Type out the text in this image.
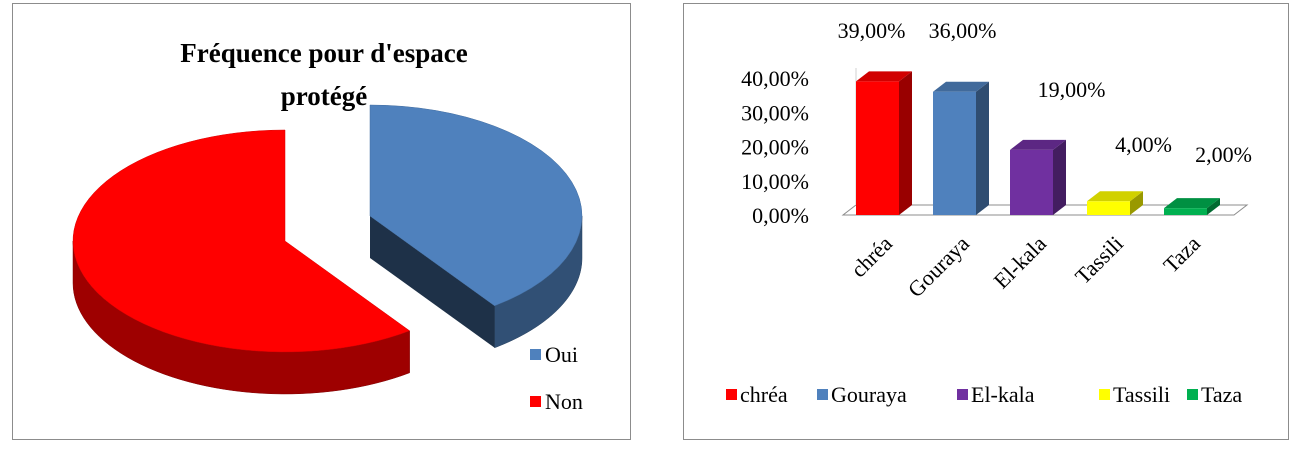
Fréquence pour d'espace
protégé
Oui
Non
0,00%
10,00%
20,00%
30,00%
40,00%
39,00% 36,00%
19,00%
4,00% 2,00%
chréa Gouraya El-kala Tassili Taza
chréa Gouraya	El-kala	Tassili Taza
